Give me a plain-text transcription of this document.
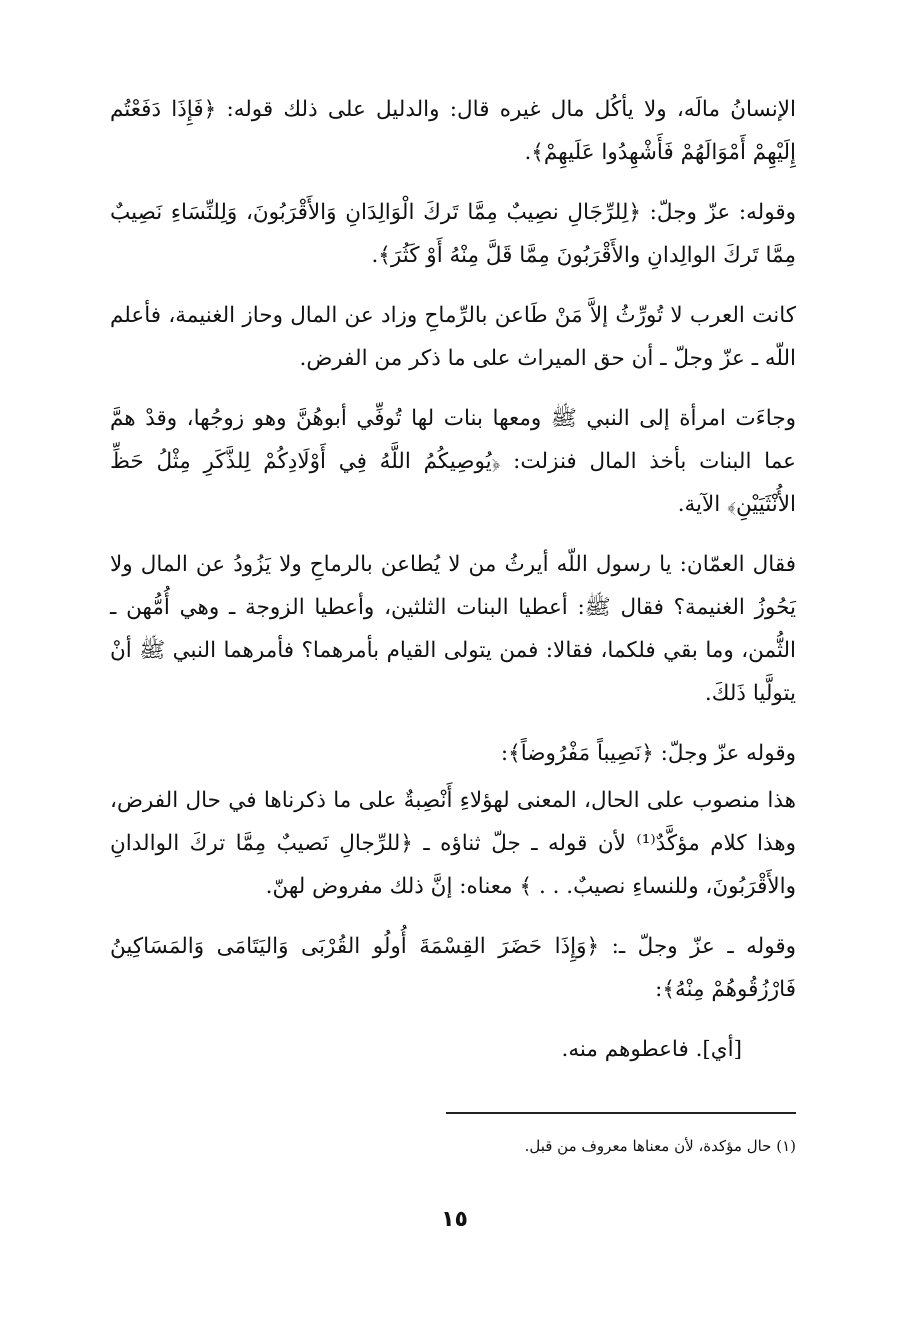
الإنسانُ مالَه، ولا يأكُل مال غيره قال: والدليل على ذلك قوله: ﴿فَإِذَا دَفَعْتُم إِلَيْهِمْ أَمْوَالَهُمْ فَأَشْهِدُوا عَلَيهِمْ﴾.

وقوله: عزّ وجلّ: ﴿لِلرِّجَالِ نصِيبٌ مِمَّا تَركَ الْوَالِدَانِ وَالأَقْرَبُونَ، وَلِلنِّسَاءِ نَصِيبٌ مِمَّا تَركَ الوالِدانِ والأَقْرَبُونَ مِمَّا قَلَّ مِنْهُ أَوْ كَثُرَ﴾.

كانت العرب لا تُورِّثُ إلاَّ مَنْ طَاعن بالرِّماحِ وزاد عن المال وحاز الغنيمة، فأعلم اللّه ـ عزّ وجلّ ـ أن حق الميراث على ما ذكر من الفرض.

وجاءَت امرأة إلى النبي ﷺ ومعها بنات لها تُوفِّي أبوهُنَّ وهو زوجُها، وقدْ همَّ عما البنات بأخذ المال فنزلت: ﴿يُوصِيكُمُ اللَّهُ فِي أَوْلَادِكُمْ لِلذَّكَرِ مِثْلُ حَظِّ الأُنْثَيَيْنِ﴾ الآية.

فقال العمّان: يا رسول اللّه أيرثُ من لا يُطاعن بالرماحِ ولا يَزُودُ عن المال ولا يَحُوزُ الغنيمة؟ فقال ﷺ: أعطيا البنات الثلثين، وأعطيا الزوجة ـ وهي أُمُّهن ـ الثُّمن، وما بقي فلكما، فقالا: فمن يتولى القيام بأمرهما؟ فأمرهما النبي ﷺ أنْ يتولَّيا ذَلكَ.

وقوله عزّ وجلّ: ﴿نَصِيباً مَفْرُوضاً﴾:

هذا منصوب على الحال، المعنى لهؤلاءِ أَنْصِبةٌ على ما ذكرناها في حال الفرض، وهذا كلام مؤكَّدٌ⁽¹⁾ لأن قوله ـ جلّ ثناؤه ـ ﴿للرِّجالِ نَصيبٌ مِمَّا تركَ الوالدانِ والأَقْرَبُونَ، وللنساءِ نصيبٌ. . . ﴾ معناه: إنَّ ذلك مفروض لهنّ.

وقوله ـ عزّ وجلّ ـ: ﴿وَإِذَا حَضَرَ القِسْمَةَ أُولُو القُرْبَى وَاليَتَامَى وَالمَسَاكِينُ فَارْزُقُوهُمْ مِنْهُ﴾:

[أي]. فاعطوهم منه.

(١) حال مؤكدة، لأن معناها معروف من قبل.
١٥
